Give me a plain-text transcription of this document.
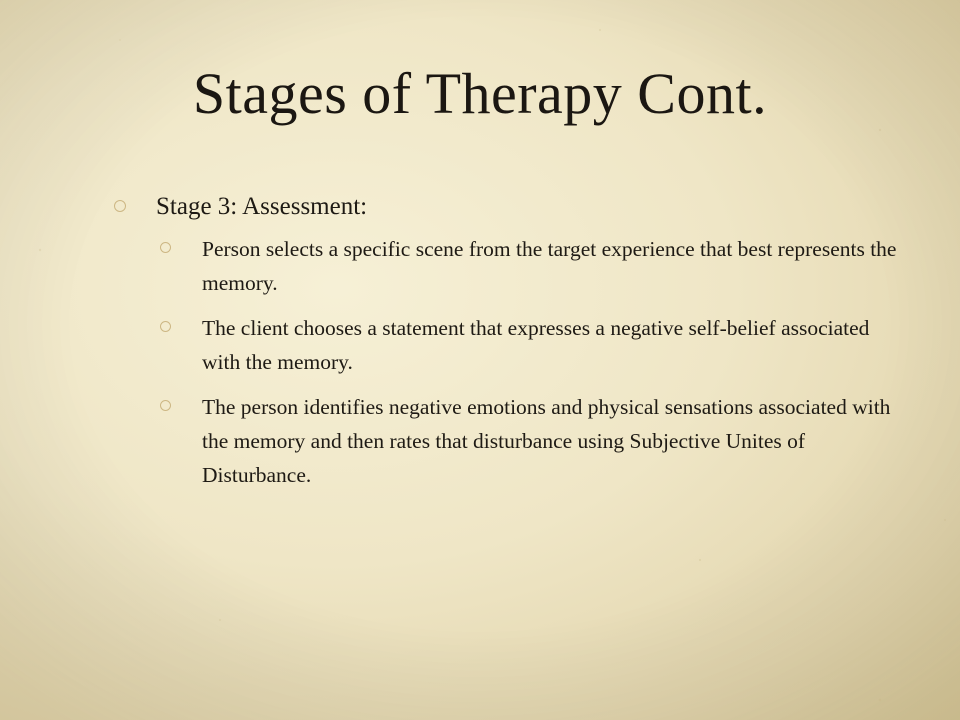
Stages of Therapy Cont.
Stage 3: Assessment:
Person selects a specific scene from the target experience that best represents the memory.
The client chooses a statement that expresses a negative self-belief associated with the memory.
The person identifies negative emotions and physical sensations associated with the memory and then rates that disturbance using Subjective Unites of Disturbance.
